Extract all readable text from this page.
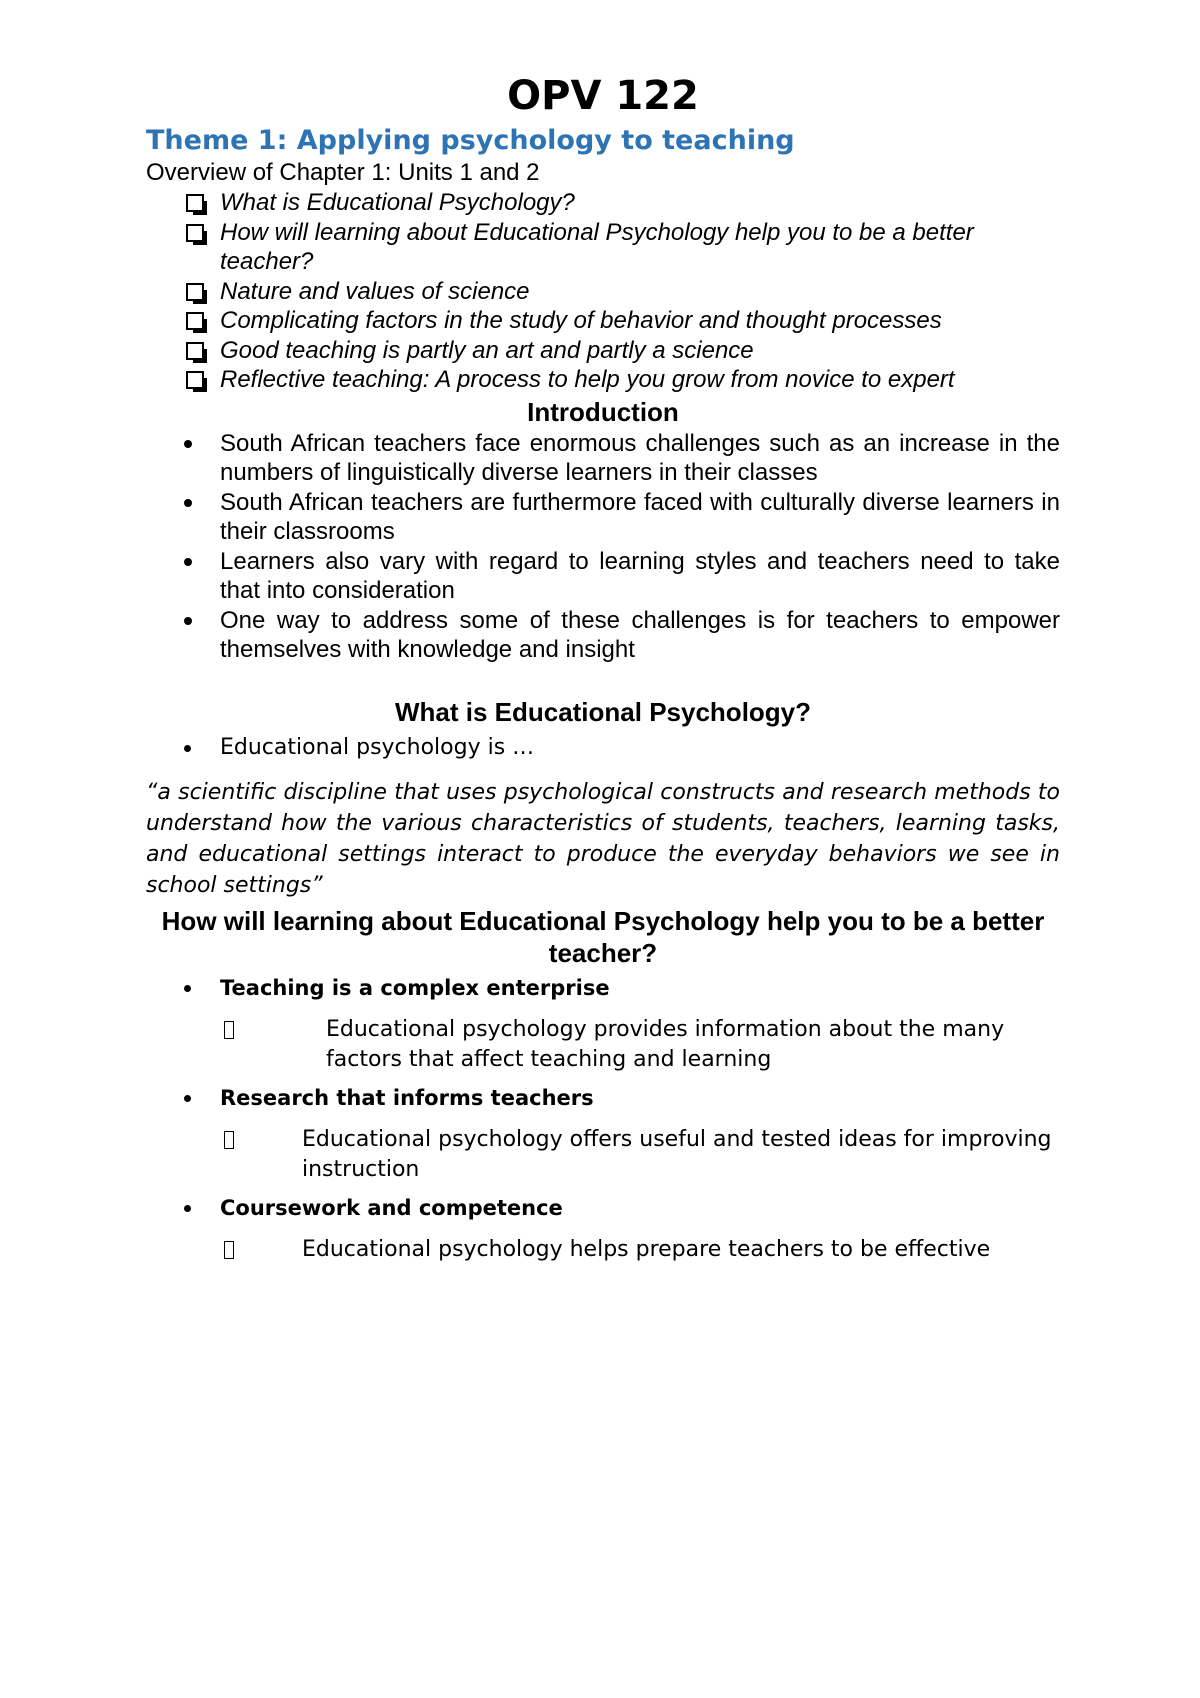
OPV 122
Theme 1: Applying psychology to teaching

Overview of Chapter 1: Units 1 and 2

What is Educational Psychology?
How will learning about Educational Psychology help you to be a better teacher?
Nature and values of science
Complicating factors in the study of behavior and thought processes
Good teaching is partly an art and partly a science
Reflective teaching: A process to help you grow from novice to expert
Introduction
South African teachers face enormous challenges such as an increase in the numbers of linguistically diverse learners in their classes
South African teachers are furthermore faced with culturally diverse learners in their classrooms
Learners also vary with regard to learning styles and teachers need to take that into consideration
One way to address some of these challenges is for teachers to empower themselves with knowledge and insight
What is Educational Psychology?
Educational psychology is …

“a scientific discipline that uses psychological constructs and research methods to understand how the various characteristics of students, teachers, learning tasks, and educational settings interact to produce the everyday behaviors we see in school settings”

How will learning about Educational Psychology help you to be a better teacher?
Teaching is a complex enterprise

Educational psychology provides information about the many factors that affect teaching and learning

Research that informs teachers

Educational psychology offers useful and tested ideas for improving instruction

Coursework and competence

Educational psychology helps prepare teachers to be effective
